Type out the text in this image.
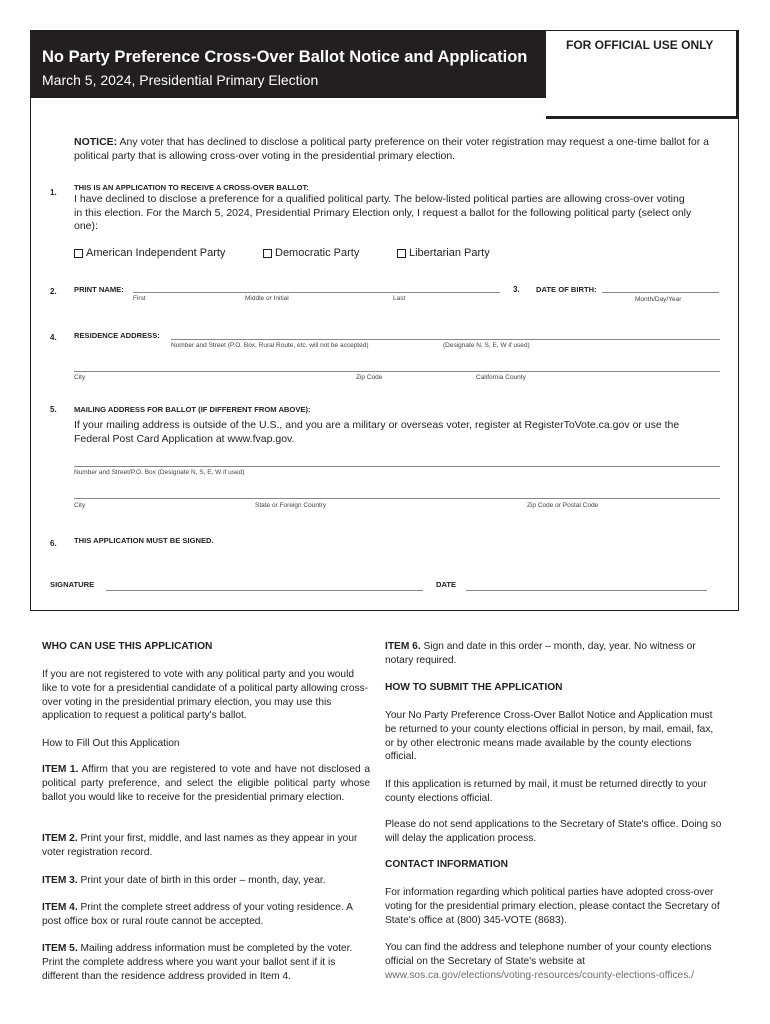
No Party Preference Cross-Over Ballot Notice and Application
March 5, 2024, Presidential Primary Election
FOR OFFICIAL USE ONLY
NOTICE: Any voter that has declined to disclose a political party preference on their voter registration may request a one-time ballot for a political party that is allowing cross-over voting in the presidential primary election.
1.
THIS IS AN APPLICATION TO RECEIVE A CROSS-OVER BALLOT:
I have declined to disclose a preference for a qualified political party. The below-listed political parties are allowing cross-over voting in this election. For the March 5, 2024, Presidential Primary Election only, I request a ballot for the following political party (select only one):
American Independent Party	Democratic Party	Libertarian Party
2. PRINT NAME:
First	Middle or Initial	Last
3. DATE OF BIRTH:
Month/Day/Year
4. RESIDENCE ADDRESS:
Number and Street (P.O. Box, Rural Route, etc. will not be accepted)	(Designate N, S, E, W if used)
City	Zip Code	California County
5. MAILING ADDRESS FOR BALLOT (IF DIFFERENT FROM ABOVE):
If your mailing address is outside of the U.S., and you are a military or overseas voter, register at RegisterToVote.ca.gov or use the Federal Post Card Application at www.fvap.gov.
Number and Street/P.O. Box (Designate N, S, E, W if used)
City	State or Foreign Country	Zip Code or Postal Code
6. THIS APPLICATION MUST BE SIGNED.
SIGNATURE	DATE

WHO CAN USE THIS APPLICATION

If you are not registered to vote with any political party and you would like to vote for a presidential candidate of a political party allowing cross-over voting in the presidential primary election, you may use this application to request a political party's ballot.

How to Fill Out this Application

ITEM 1. Affirm that you are registered to vote and have not disclosed a political party preference, and select the eligible political party whose ballot you would like to receive for the presidential primary election.

ITEM 2. Print your first, middle, and last names as they appear in your voter registration record.

ITEM 3. Print your date of birth in this order – month, day, year.

ITEM 4. Print the complete street address of your voting residence. A post office box or rural route cannot be accepted.

ITEM 5. Mailing address information must be completed by the voter. Print the complete address where you want your ballot sent if it is different than the residence address provided in Item 4.

ITEM 6. Sign and date in this order – month, day, year. No witness or notary required.

HOW TO SUBMIT THE APPLICATION

Your No Party Preference Cross-Over Ballot Notice and Application must be returned to your county elections official in person, by mail, email, fax, or by other electronic means made available by the county elections official.

If this application is returned by mail, it must be returned directly to your county elections official.

Please do not send applications to the Secretary of State's office. Doing so will delay the application process.

CONTACT INFORMATION

For information regarding which political parties have adopted cross-over voting for the presidential primary election, please contact the Secretary of State's office at (800) 345-VOTE (8683).

You can find the address and telephone number of your county elections official on the Secretary of State's website at www.sos.ca.gov/elections/voting-resources/county-elections-offices./
